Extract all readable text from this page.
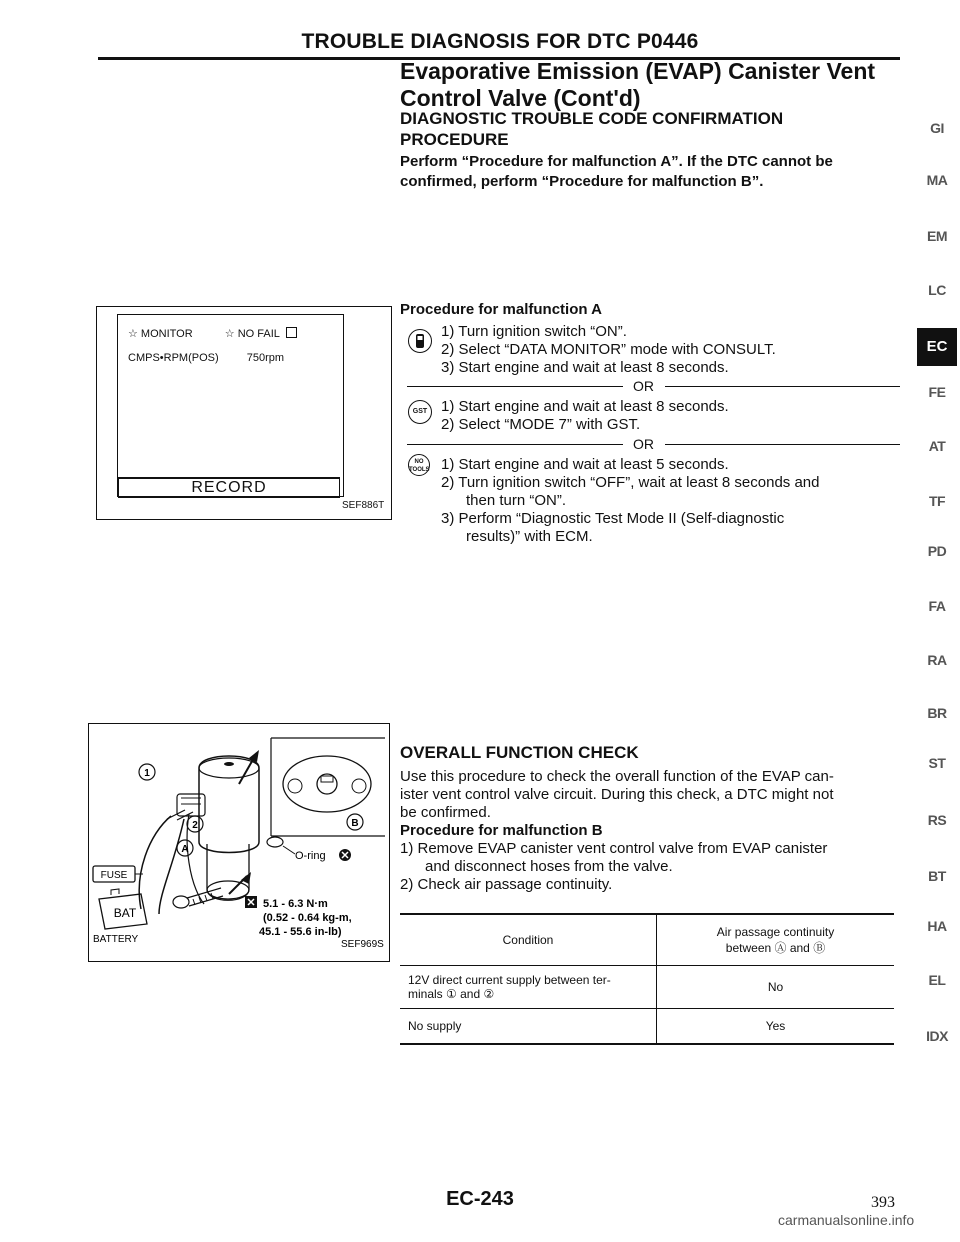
TROUBLE DIAGNOSIS FOR DTC P0446
Evaporative Emission (EVAP) Canister Vent
Control Valve (Cont'd)
DIAGNOSTIC TROUBLE CODE CONFIRMATION
PROCEDURE
Perform “Procedure for malfunction A”. If the DTC cannot be
confirmed, perform “Procedure for malfunction B”.
☆ MONITOR	☆ NO FAIL
CMPS•RPM(POS)	750rpm
RECORD
SEF886T
Procedure for malfunction A
1) Turn ignition switch “ON”.
2) Select “DATA MONITOR” mode with CONSULT.
3) Start engine and wait at least 8 seconds.
OR
GST 1) Start engine and wait at least 8 seconds.
2) Select “MODE 7” with GST.
OR
NO
TOOLS 1) Start engine and wait at least 5 seconds.
2) Turn ignition switch “OFF”, wait at least 8 seconds and
then turn “ON”.
3) Perform “Diagnostic Test Mode II (Self-diagnostic
results)” with ECM.
GI
MA
EM
LC
EC
FE
AT
TF
PD
FA
RA
BR
ST
RS
BT
HA
EL
IDX
FUSE
BAT
BATTERY
1
2
A
B
O-ring
5.1 - 6.3 N·m
(0.52 - 0.64 kg-m,
45.1 - 55.6 in-lb)
SEF969S
OVERALL FUNCTION CHECK
Use this procedure to check the overall function of the EVAP can-
ister vent control valve circuit. During this check, a DTC might not
be confirmed.
Procedure for malfunction B
1) Remove EVAP canister vent control valve from EVAP canister
and disconnect hoses from the valve.
2) Check air passage continuity.
Condition	Air passage continuity
between Ⓐ and Ⓑ

12V direct current supply between ter-
minals ① and ②	No
No supply	Yes
EC-243	393
carmanualsonline.info
